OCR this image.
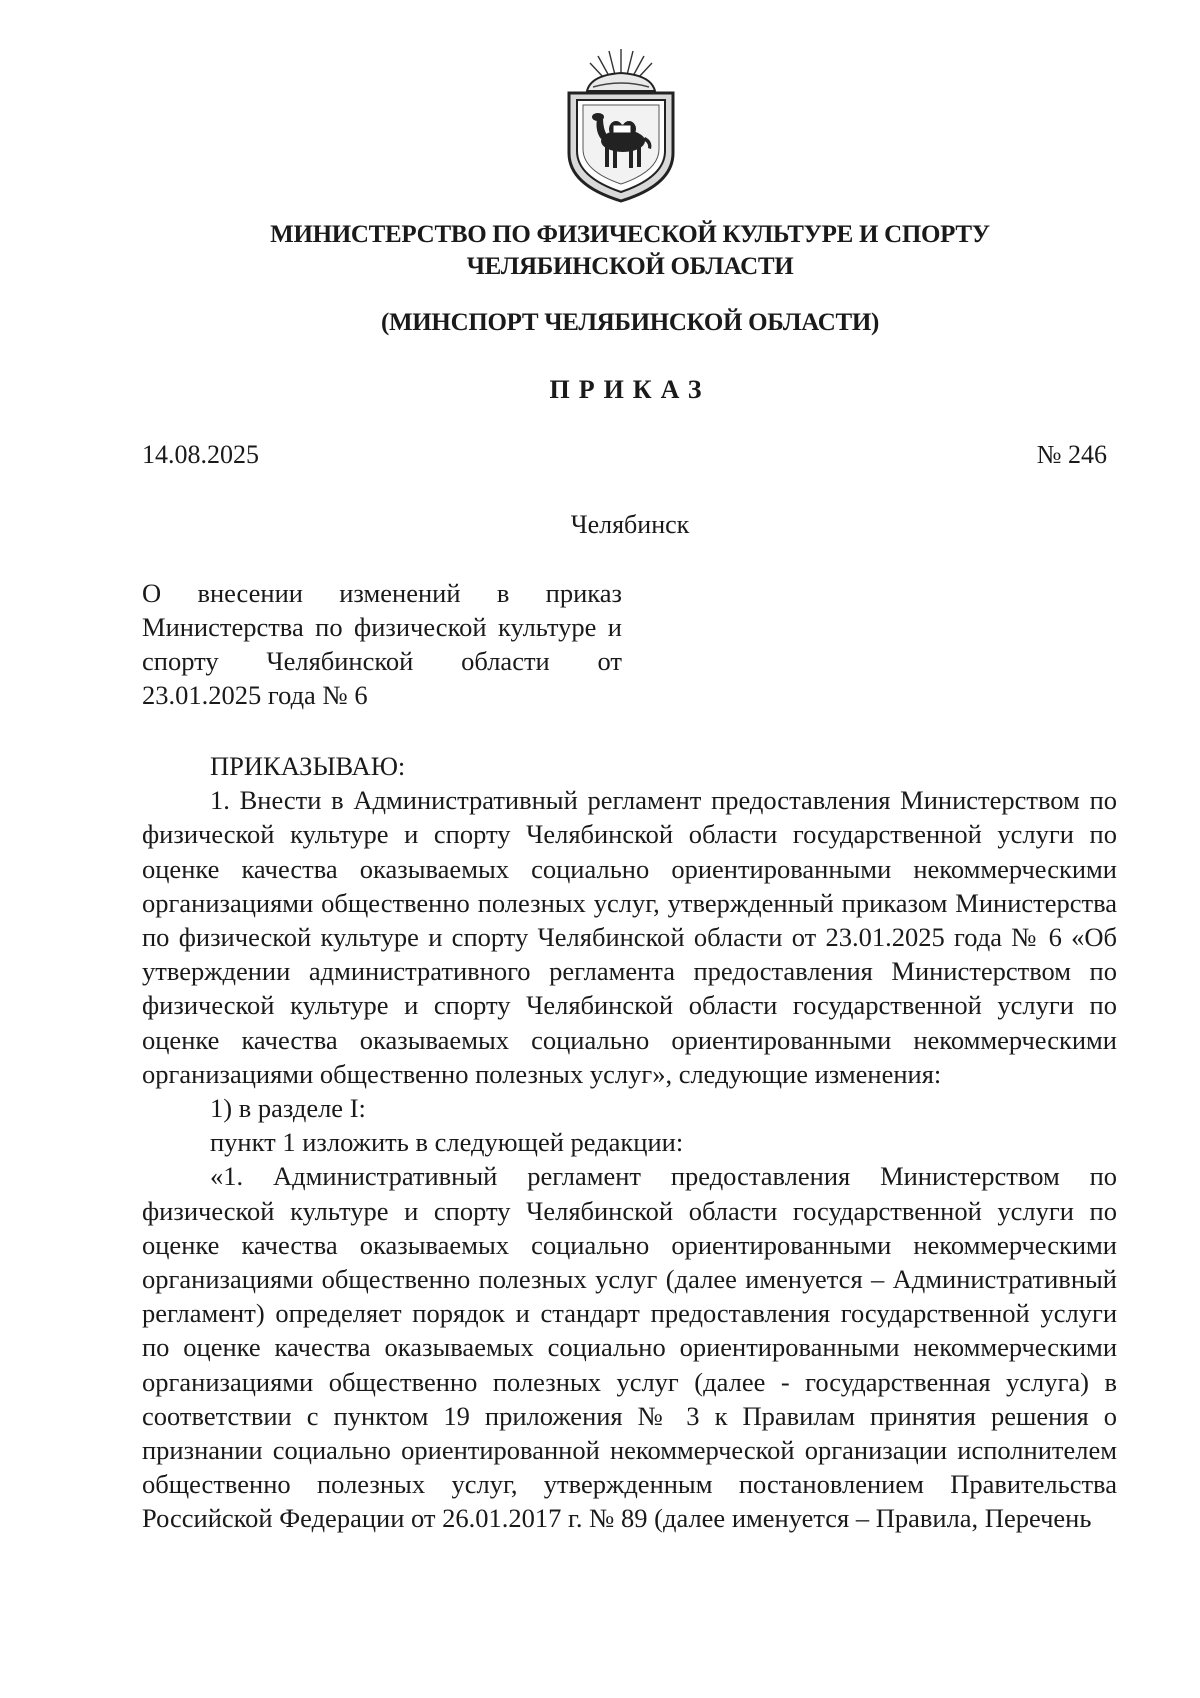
МИНИСТЕРСТВО ПО ФИЗИЧЕСКОЙ КУЛЬТУРЕ И СПОРТУ
ЧЕЛЯБИНСКОЙ ОБЛАСТИ
(МИНСПОРТ ЧЕЛЯБИНСКОЙ ОБЛАСТИ)
ПРИКАЗ
14.08.2025	№ 246
Челябинск
О внесении изменений в приказ Министерства по физической культуре и спорту Челябинской области от 23.01.2025 года № 6
ПРИКАЗЫВАЮ:

1. Внести в Административный регламент предоставления Министерством по физической культуре и спорту Челябинской области государственной услуги по оценке качества оказываемых социально ориентированными некоммерческими организациями общественно полезных услуг, утвержденный приказом Министерства по физической культуре и спорту Челябинской области от 23.01.2025 года № 6 «Об утверждении административного регламента предоставления Министерством по физической культуре и спорту Челябинской области государственной услуги по оценке качества оказываемых социально ориентированными некоммерческими организациями общественно полезных услуг», следующие изменения:

1) в разделе I:

пункт 1 изложить в следующей редакции:

«1. Административный регламент предоставления Министерством по физической культуре и спорту Челябинской области государственной услуги по оценке качества оказываемых социально ориентированными некоммерческими организациями общественно полезных услуг (далее именуется – Административный регламент) определяет порядок и стандарт предоставления государственной услуги по оценке качества оказываемых социально ориентированными некоммерческими организациями общественно полезных услуг (далее - государственная услуга) в соответствии с пунктом 19 приложения № 3 к Правилам принятия решения о признании социально ориентированной некоммерческой организации исполнителем общественно полезных услуг, утвержденным постановлением Правительства Российской Федерации от 26.01.2017 г. № 89 (далее именуется – Правила, Перечень
